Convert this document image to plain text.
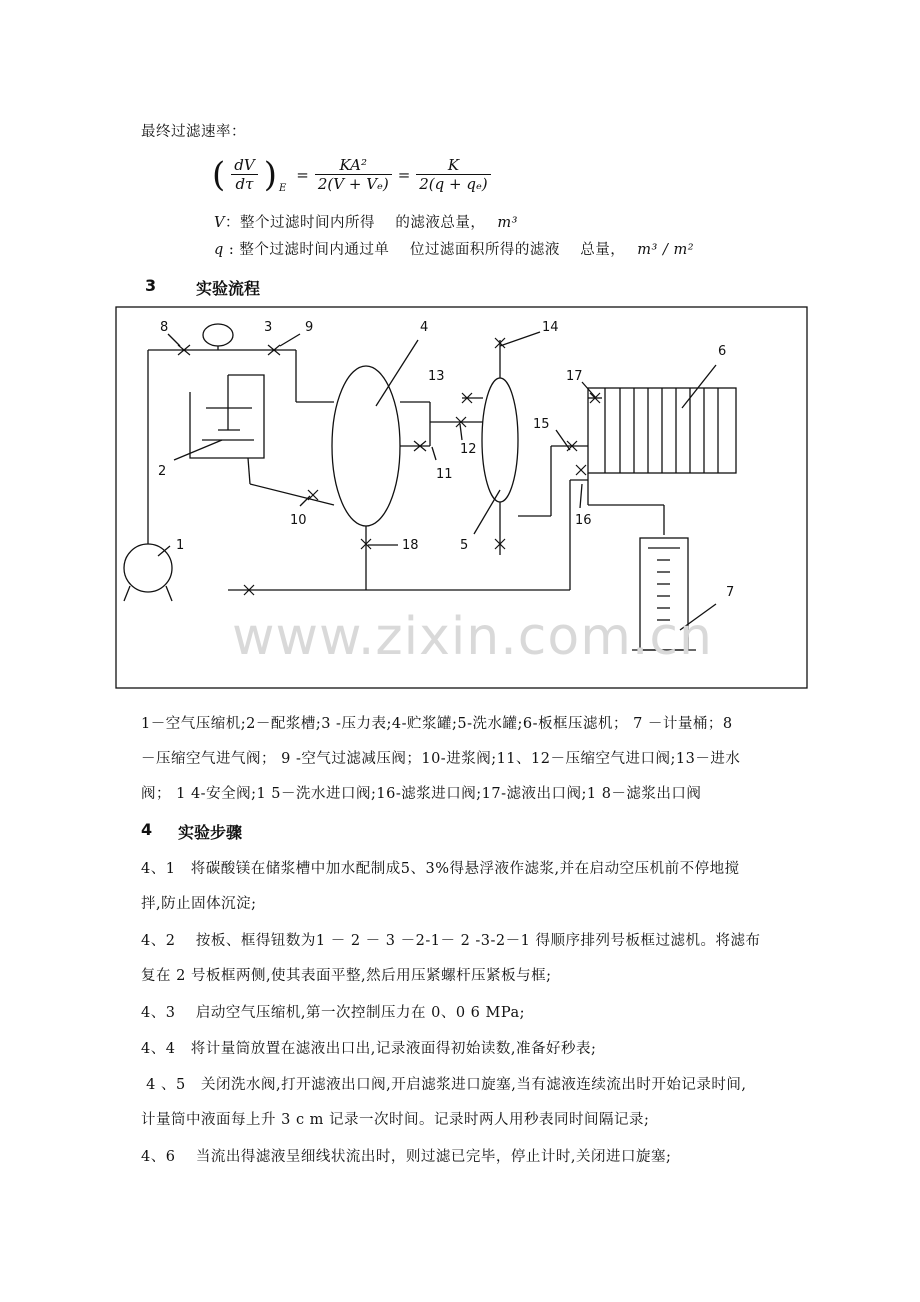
最终过滤速率：
( $\frac{dV}{d\tau}$ ) E
= $\frac{\text{KA²}}{\text{2(V + Vₑ)}} = \frac{K}{\text{2(q + qₑ)}}$
V：整个过滤时间内所得    的滤液总量， m³
q : 整个过滤时间内通过单    位过滤面积所得的滤液    总量， m³ / m²
3 实验流程
1
2
3	4
5
6
7
8	9
10
11
12
13
14
15
16
17
18
www.zixin.com.cn
1－空气压缩机;2－配浆槽;3 -压力表;4-贮浆罐;5-洗水罐;6-板框压滤机； 7 －计量桶；8
－压缩空气进气阀； 9 -空气过滤减压阀；10-进浆阀;11、12－压缩空气进口阀;13－进水
阀； 1 4-安全阀;1 5－洗水进口阀;16-滤浆进口阀;17-滤液出口阀;1 8－滤浆出口阀
4 实验步骤
4、1   将碳酸镁在储浆槽中加水配制成5、3%得悬浮液作滤浆,并在启动空压机前不停地搅
拌,防止固体沉淀;
4、2    按板、框得钮数为1 － 2 － 3 －2-1－ 2 -3-2－1 得顺序排列号板框过滤机。将滤布
复在 2 号板框两侧,使其表面平整,然后用压紧螺杆压紧板与框;
4、3    启动空气压缩机,第一次控制压力在 0、0 6 MPa;
4、4   将计量筒放置在滤液出口出,记录液面得初始读数,准备好秒表;
4 、5   关闭洗水阀,打开滤液出口阀,开启滤浆进口旋塞,当有滤液连续流出时开始记录时间,
计量筒中液面每上升 3 c m 记录一次时间。记录时两人用秒表同时间隔记录;
4、6    当流出得滤液呈细线状流出时，则过滤已完毕，停止计时,关闭进口旋塞;
